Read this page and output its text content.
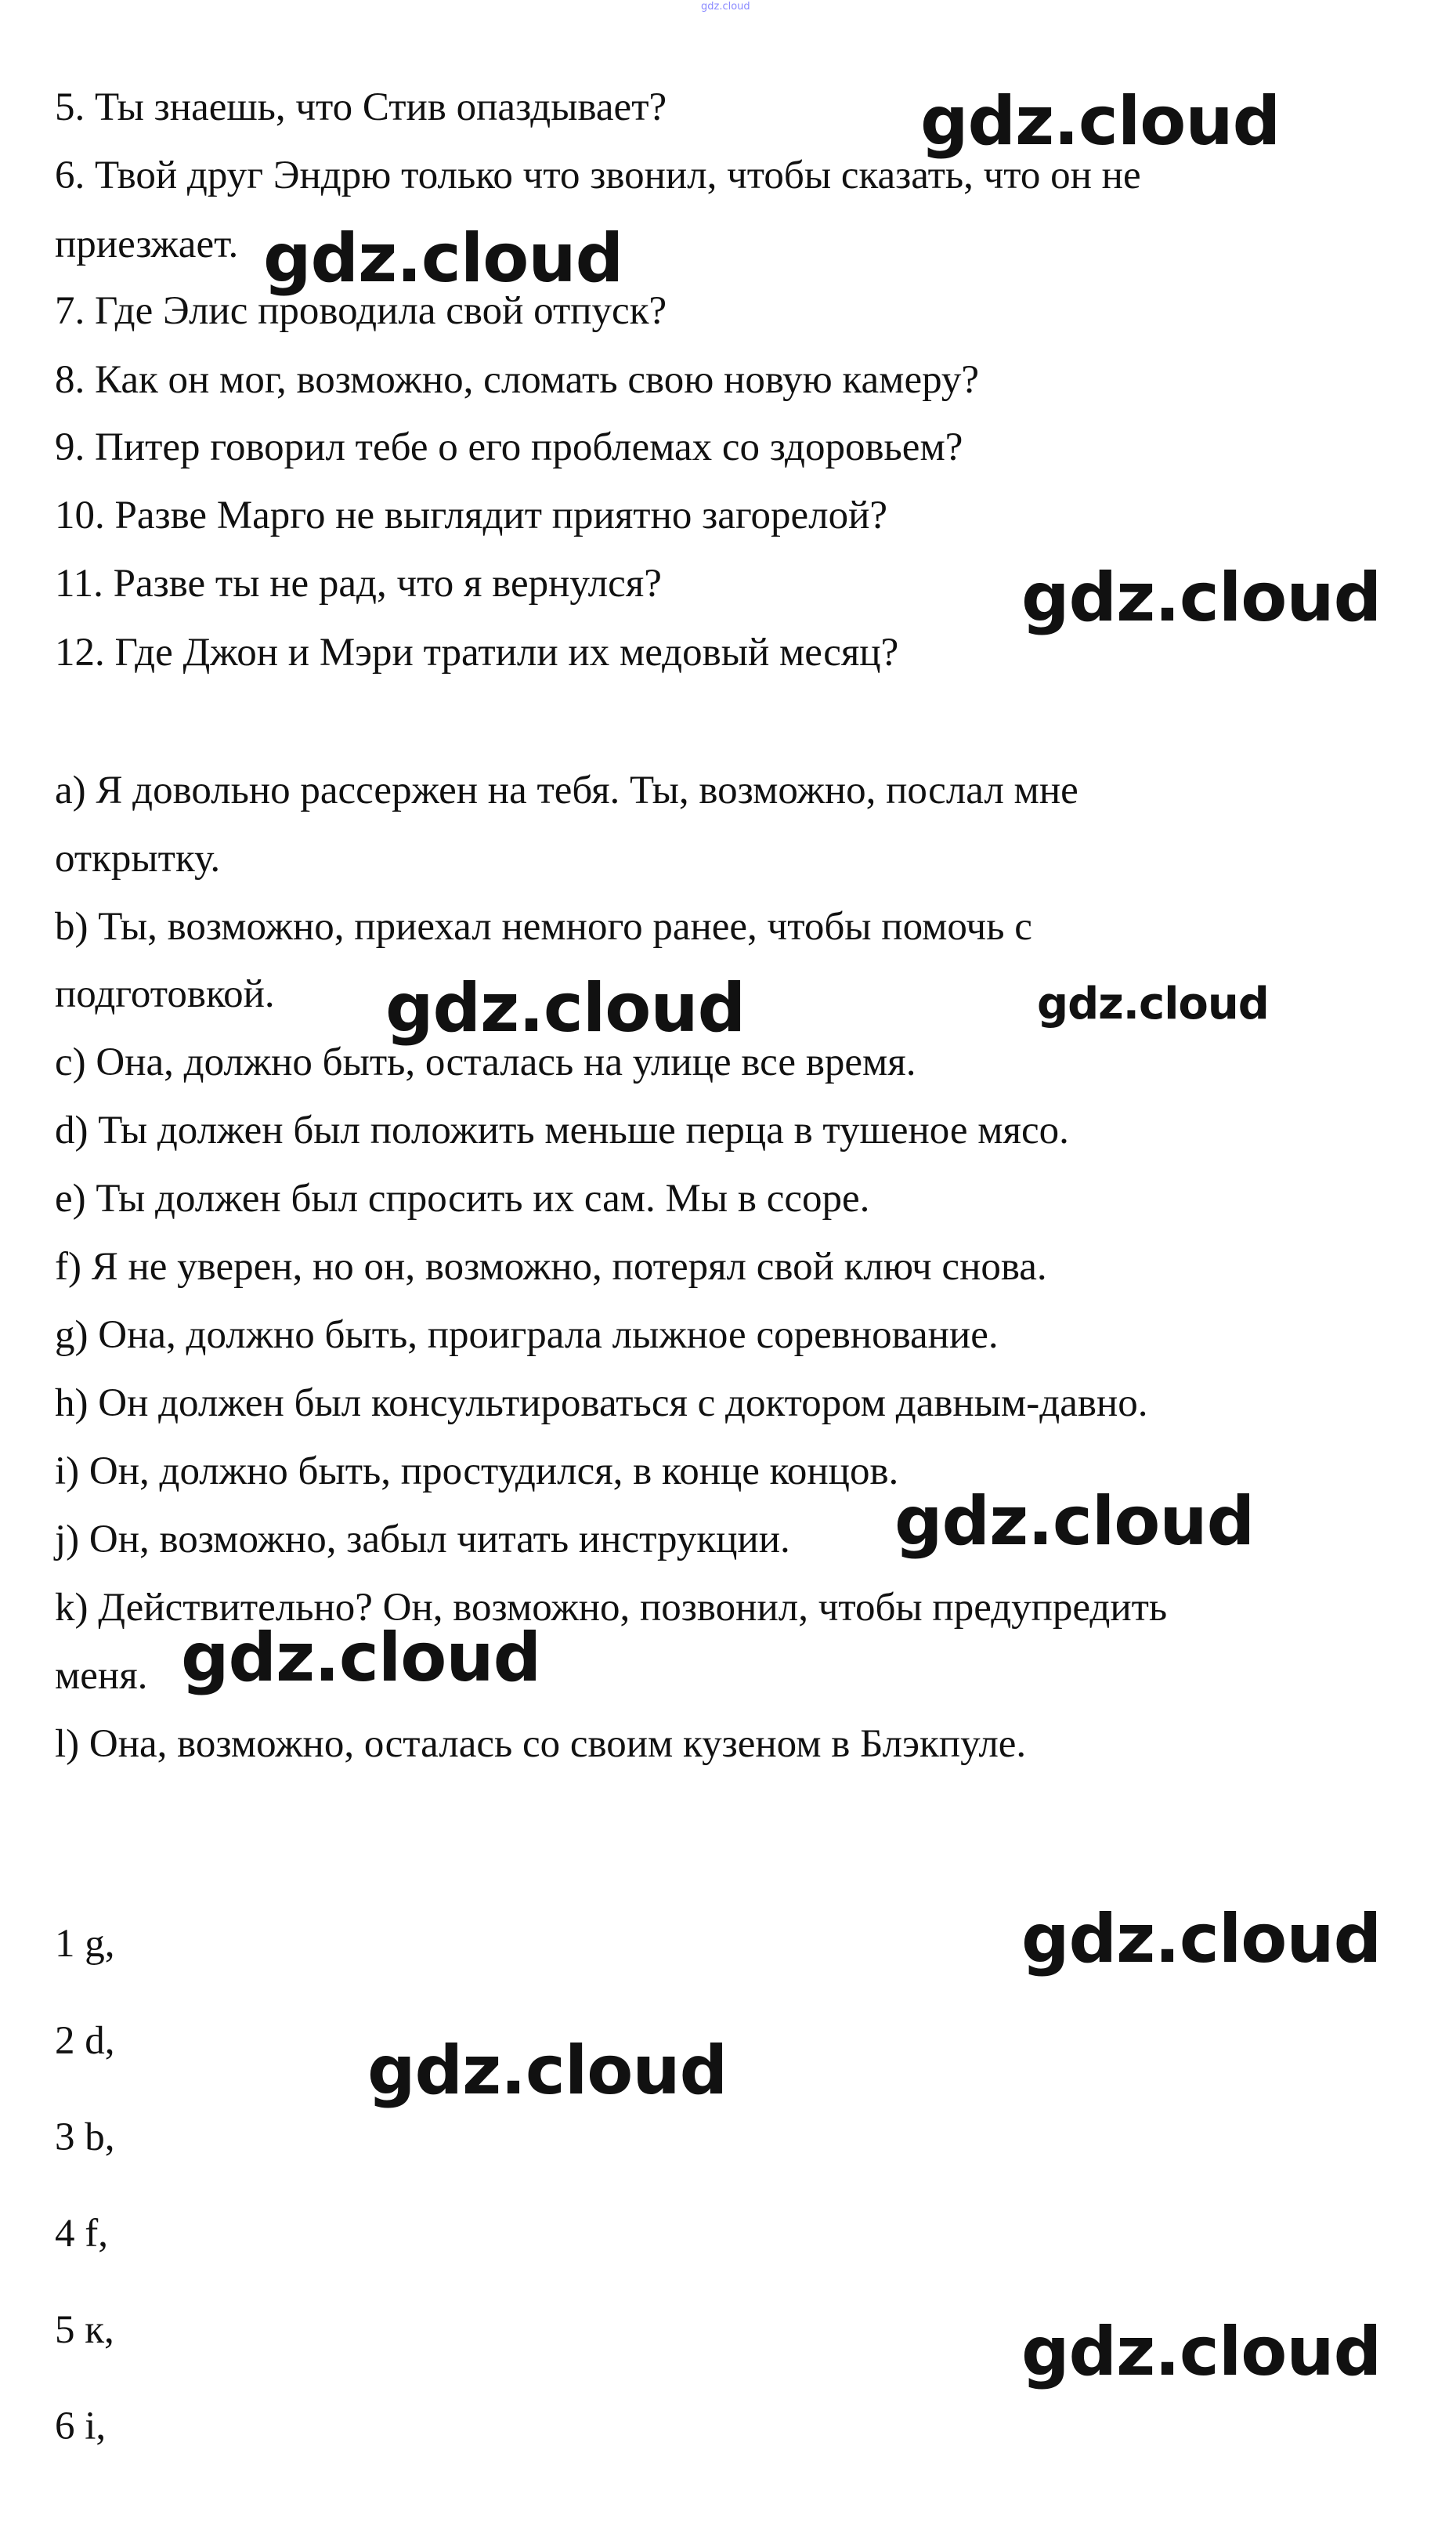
gdz.cloud
5. Ты знаешь, что Стив опаздывает?
6. Твой друг Эндрю только что звонил, чтобы сказать, что он не
приезжает.
7. Где Элис проводила свой отпуск?
8. Как он мог, возможно, сломать свою новую камеру?
9. Питер говорил тебе о его проблемах со здоровьем?
10. Разве Марго не выглядит приятно загорелой?
11. Разве ты не рад, что я вернулся?
12. Где Джон и Мэри тратили их медовый месяц?
a) Я довольно рассержен на тебя. Ты, возможно, послал мне
открытку.
b) Ты, возможно, приехал немного ранее, чтобы помочь с
подготовкой.
c) Она, должно быть, осталась на улице все время.
d) Ты должен был положить меньше перца в тушеное мясо.
e) Ты должен был спросить их сам. Мы в ссоре.
f) Я не уверен, но он, возможно, потерял свой ключ снова.
g) Она, должно быть, проиграла лыжное соревнование.
h) Он должен был консультироваться с доктором давным-давно.
i) Он, должно быть, простудился, в конце концов.
j) Он, возможно, забыл читать инструкции.
k) Действительно? Он, возможно, позвонил, чтобы предупредить
меня.
l) Она, возможно, осталась со своим кузеном в Блэкпуле.
1 g,
2 d,
3 b,
4 f,
5 к,
6 i,
gdz.cloud
gdz.cloud
gdz.cloud
gdz.cloud	gdz.cloud
gdz.cloud
gdz.cloud
gdz.cloud
gdz.cloud
gdz.cloud
